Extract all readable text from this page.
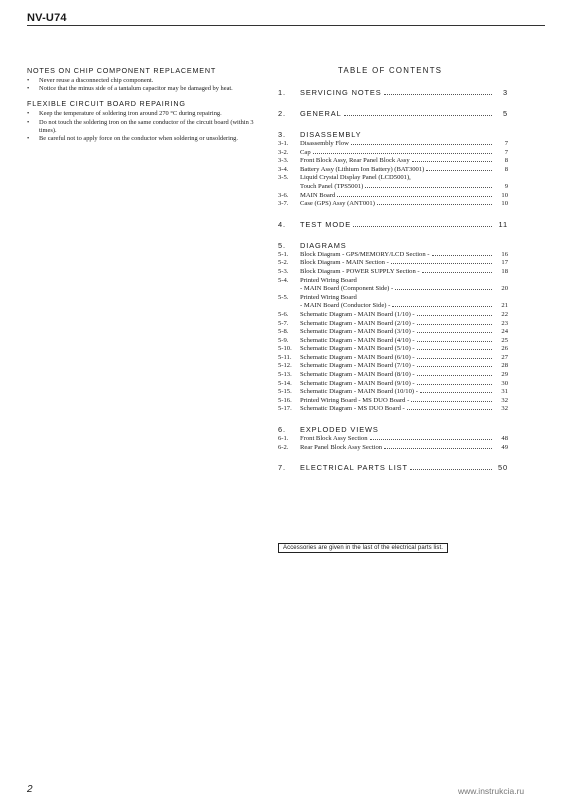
NV-U74
NOTES ON CHIP COMPONENT REPLACEMENT
•	Never reuse a disconnected chip component.
•	Notice that the minus side of a tantalum capacitor may be damaged by heat.
FLEXIBLE CIRCUIT BOARD REPAIRING
•	Keep the temperature of soldering iron around 270 °C during repairing.
•	Do not touch the soldering iron on the same conductor of the circuit board (within 3 times).
•	Be careful not to apply force on the conductor when soldering or unsoldering.
TABLE OF CONTENTS
1.	SERVICING NOTES	3
2.	GENERAL	5
3.	DISASSEMBLY
3-1.	Disassembly Flow	7
3-2.	Cap	7
3-3.	Front Block Assy, Rear Panel Block Assy	8
3-4.	Battery Assy (Lithium Ion Battery) (BAT3001)	8
3-5.	Liquid Crystal Display Panel (LCD5001),
Touch Panel (TPS5001)	9
3-6.	MAIN Board	10
3-7.	Case (GPS) Assy (ANT001)	10
4.	TEST MODE	11
5.	DIAGRAMS
5-1.	Block Diagram - GPS/MEMORY/LCD Section -	16
5-2.	Block Diagram - MAIN Section -	17
5-3.	Block Diagram - POWER SUPPLY Section -	18
5-4.	Printed Wiring Board
- MAIN Board (Component Side) -	20
5-5.	Printed Wiring Board
- MAIN Board (Conductor Side) -	21
5-6.	Schematic Diagram - MAIN Board (1/10) -	22
5-7.	Schematic Diagram - MAIN Board (2/10) -	23
5-8.	Schematic Diagram - MAIN Board (3/10) -	24
5-9.	Schematic Diagram - MAIN Board (4/10) -	25
5-10.	Schematic Diagram - MAIN Board (5/10) -	26
5-11.	Schematic Diagram - MAIN Board (6/10) -	27
5-12.	Schematic Diagram - MAIN Board (7/10) -	28
5-13.	Schematic Diagram - MAIN Board (8/10) -	29
5-14.	Schematic Diagram - MAIN Board (9/10) -	30
5-15.	Schematic Diagram - MAIN Board (10/10) -	31
5-16.	Printed Wiring Board - MS DUO Board -	32
5-17.	Schematic Diagram - MS DUO Board -	32
6.	EXPLODED VIEWS
6-1.	Front Block Assy Section	48
6-2.	Rear Panel Block Assy Section	49
7.	ELECTRICAL PARTS LIST	50
Accessories are given in the last of the electrical parts list.
2	www.instrukcia.ru
